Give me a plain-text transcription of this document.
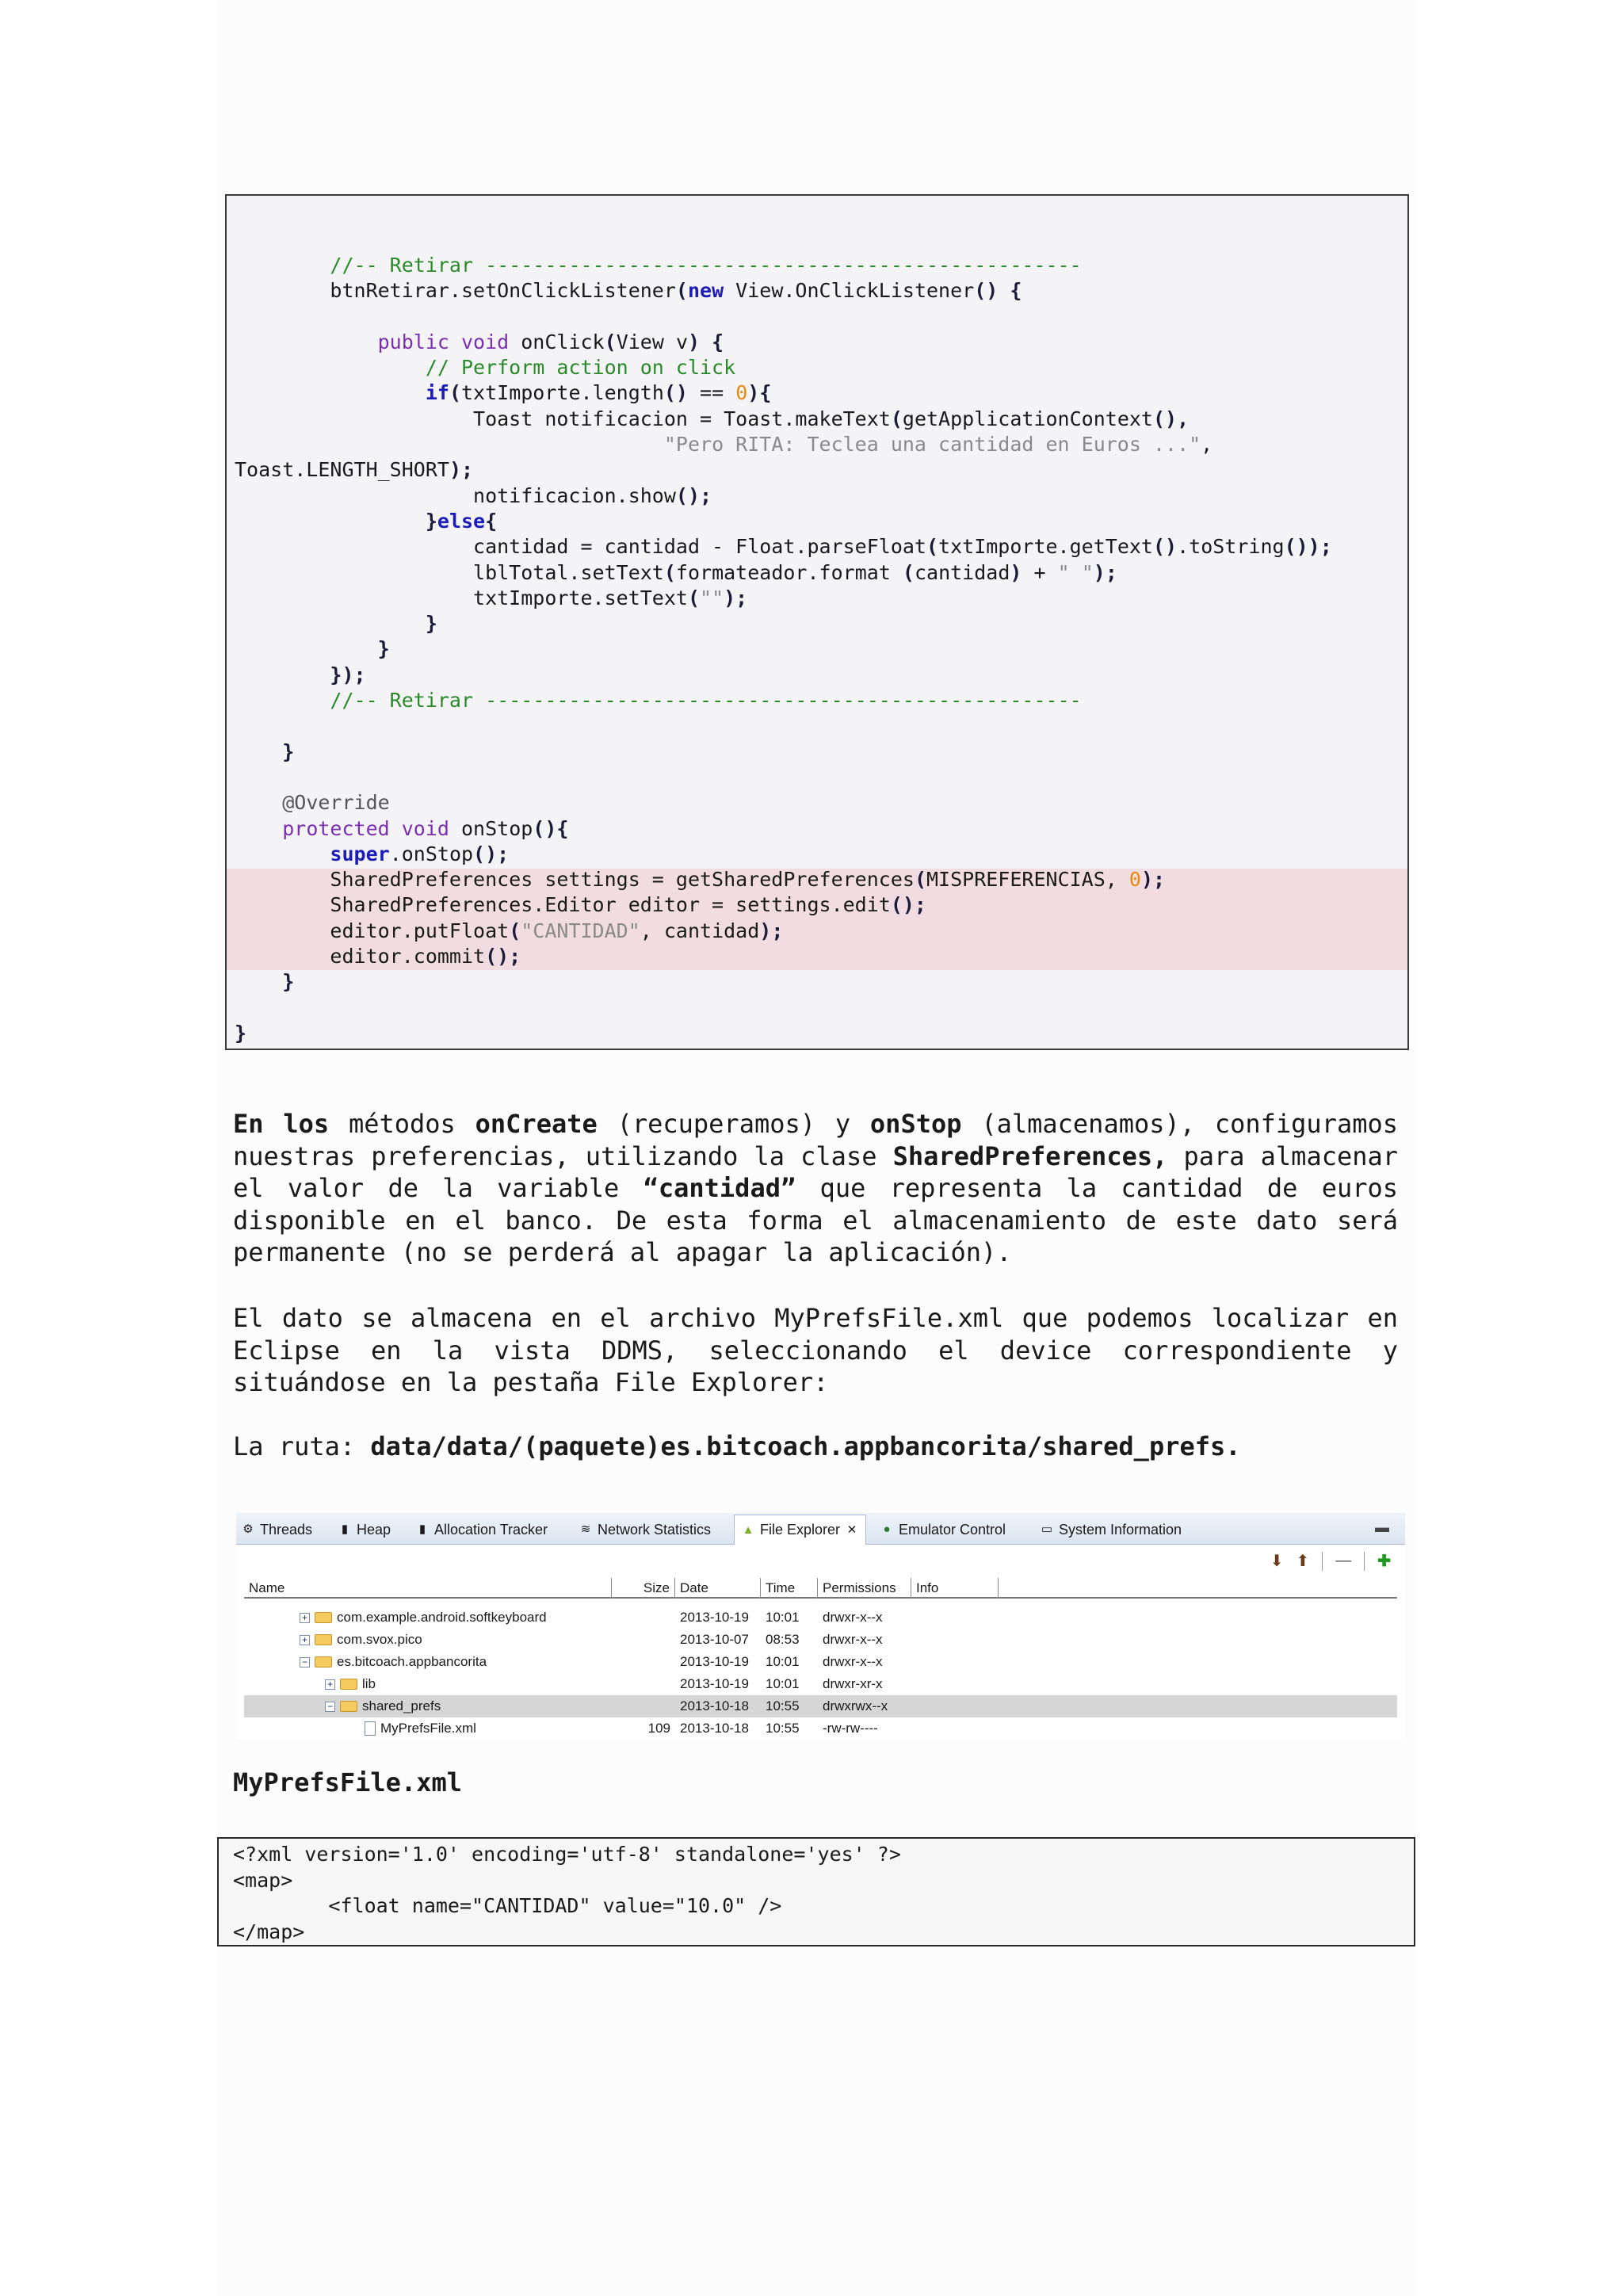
//-- Retirar --------------------------------------------------
btnRetirar.setOnClickListener(new View.OnClickListener() {

public void onClick(View v) {
// Perform action on click
if(txtImporte.length() == 0){
Toast notificacion = Toast.makeText(getApplicationContext(),
"Pero RITA: Teclea una cantidad en Euros ...",
Toast.LENGTH_SHORT);
notificacion.show();
}else{
cantidad = cantidad - Float.parseFloat(txtImporte.getText().toString());
lblTotal.setText(formateador.format (cantidad) + " ");
txtImporte.setText("");
}
}
});
//-- Retirar --------------------------------------------------

}

@Override
protected void onStop(){
super.onStop();
SharedPreferences settings = getSharedPreferences(MISPREFERENCIAS, 0);
SharedPreferences.Editor editor = settings.edit();
editor.putFloat("CANTIDAD", cantidad);
editor.commit();
}

}

En los métodos onCreate (recuperamos) y onStop (almacenamos), configuramos nuestras preferencias, utilizando la clase SharedPreferences, para almacenar el valor de la variable “cantidad” que representa la cantidad de euros disponible en el banco. De esta forma el almacenamiento de este dato será permanente (no se perderá al apagar la aplicación).

El dato se almacena en el archivo MyPrefsFile.xml que podemos localizar en Eclipse en la vista DDMS, seleccionando el device correspondiente y situándose en la pestaña File Explorer:

La ruta: data/data/(paquete)es.bitcoach.appbancorita/shared_prefs.

⚙ Threads	▮ Heap	▮ Allocation Tracker	≋ Network Statistics	▲ File Explorer ✕ ● Emulator Control	▭ System Information	▬
⬇ ⬆ — ✚
Name	Size Date	Time	Permissions	Info
+ com.example.android.softkeyboard	2013-10-19	10:01	drwxr-x--x
+ com.svox.pico	2013-10-07	08:53	drwxr-x--x
− es.bitcoach.appbancorita	2013-10-19	10:01	drwxr-x--x
+ lib	2013-10-19	10:01	drwxr-xr-x
− shared_prefs	2013-10-18	10:55	drwxrwx--x
MyPrefsFile.xml	109 2013-10-18	10:55	-rw-rw----
MyPrefsFile.xml
<?xml version='1.0' encoding='utf-8' standalone='yes' ?>
<map>
<float name="CANTIDAD" value="10.0" />
</map>
